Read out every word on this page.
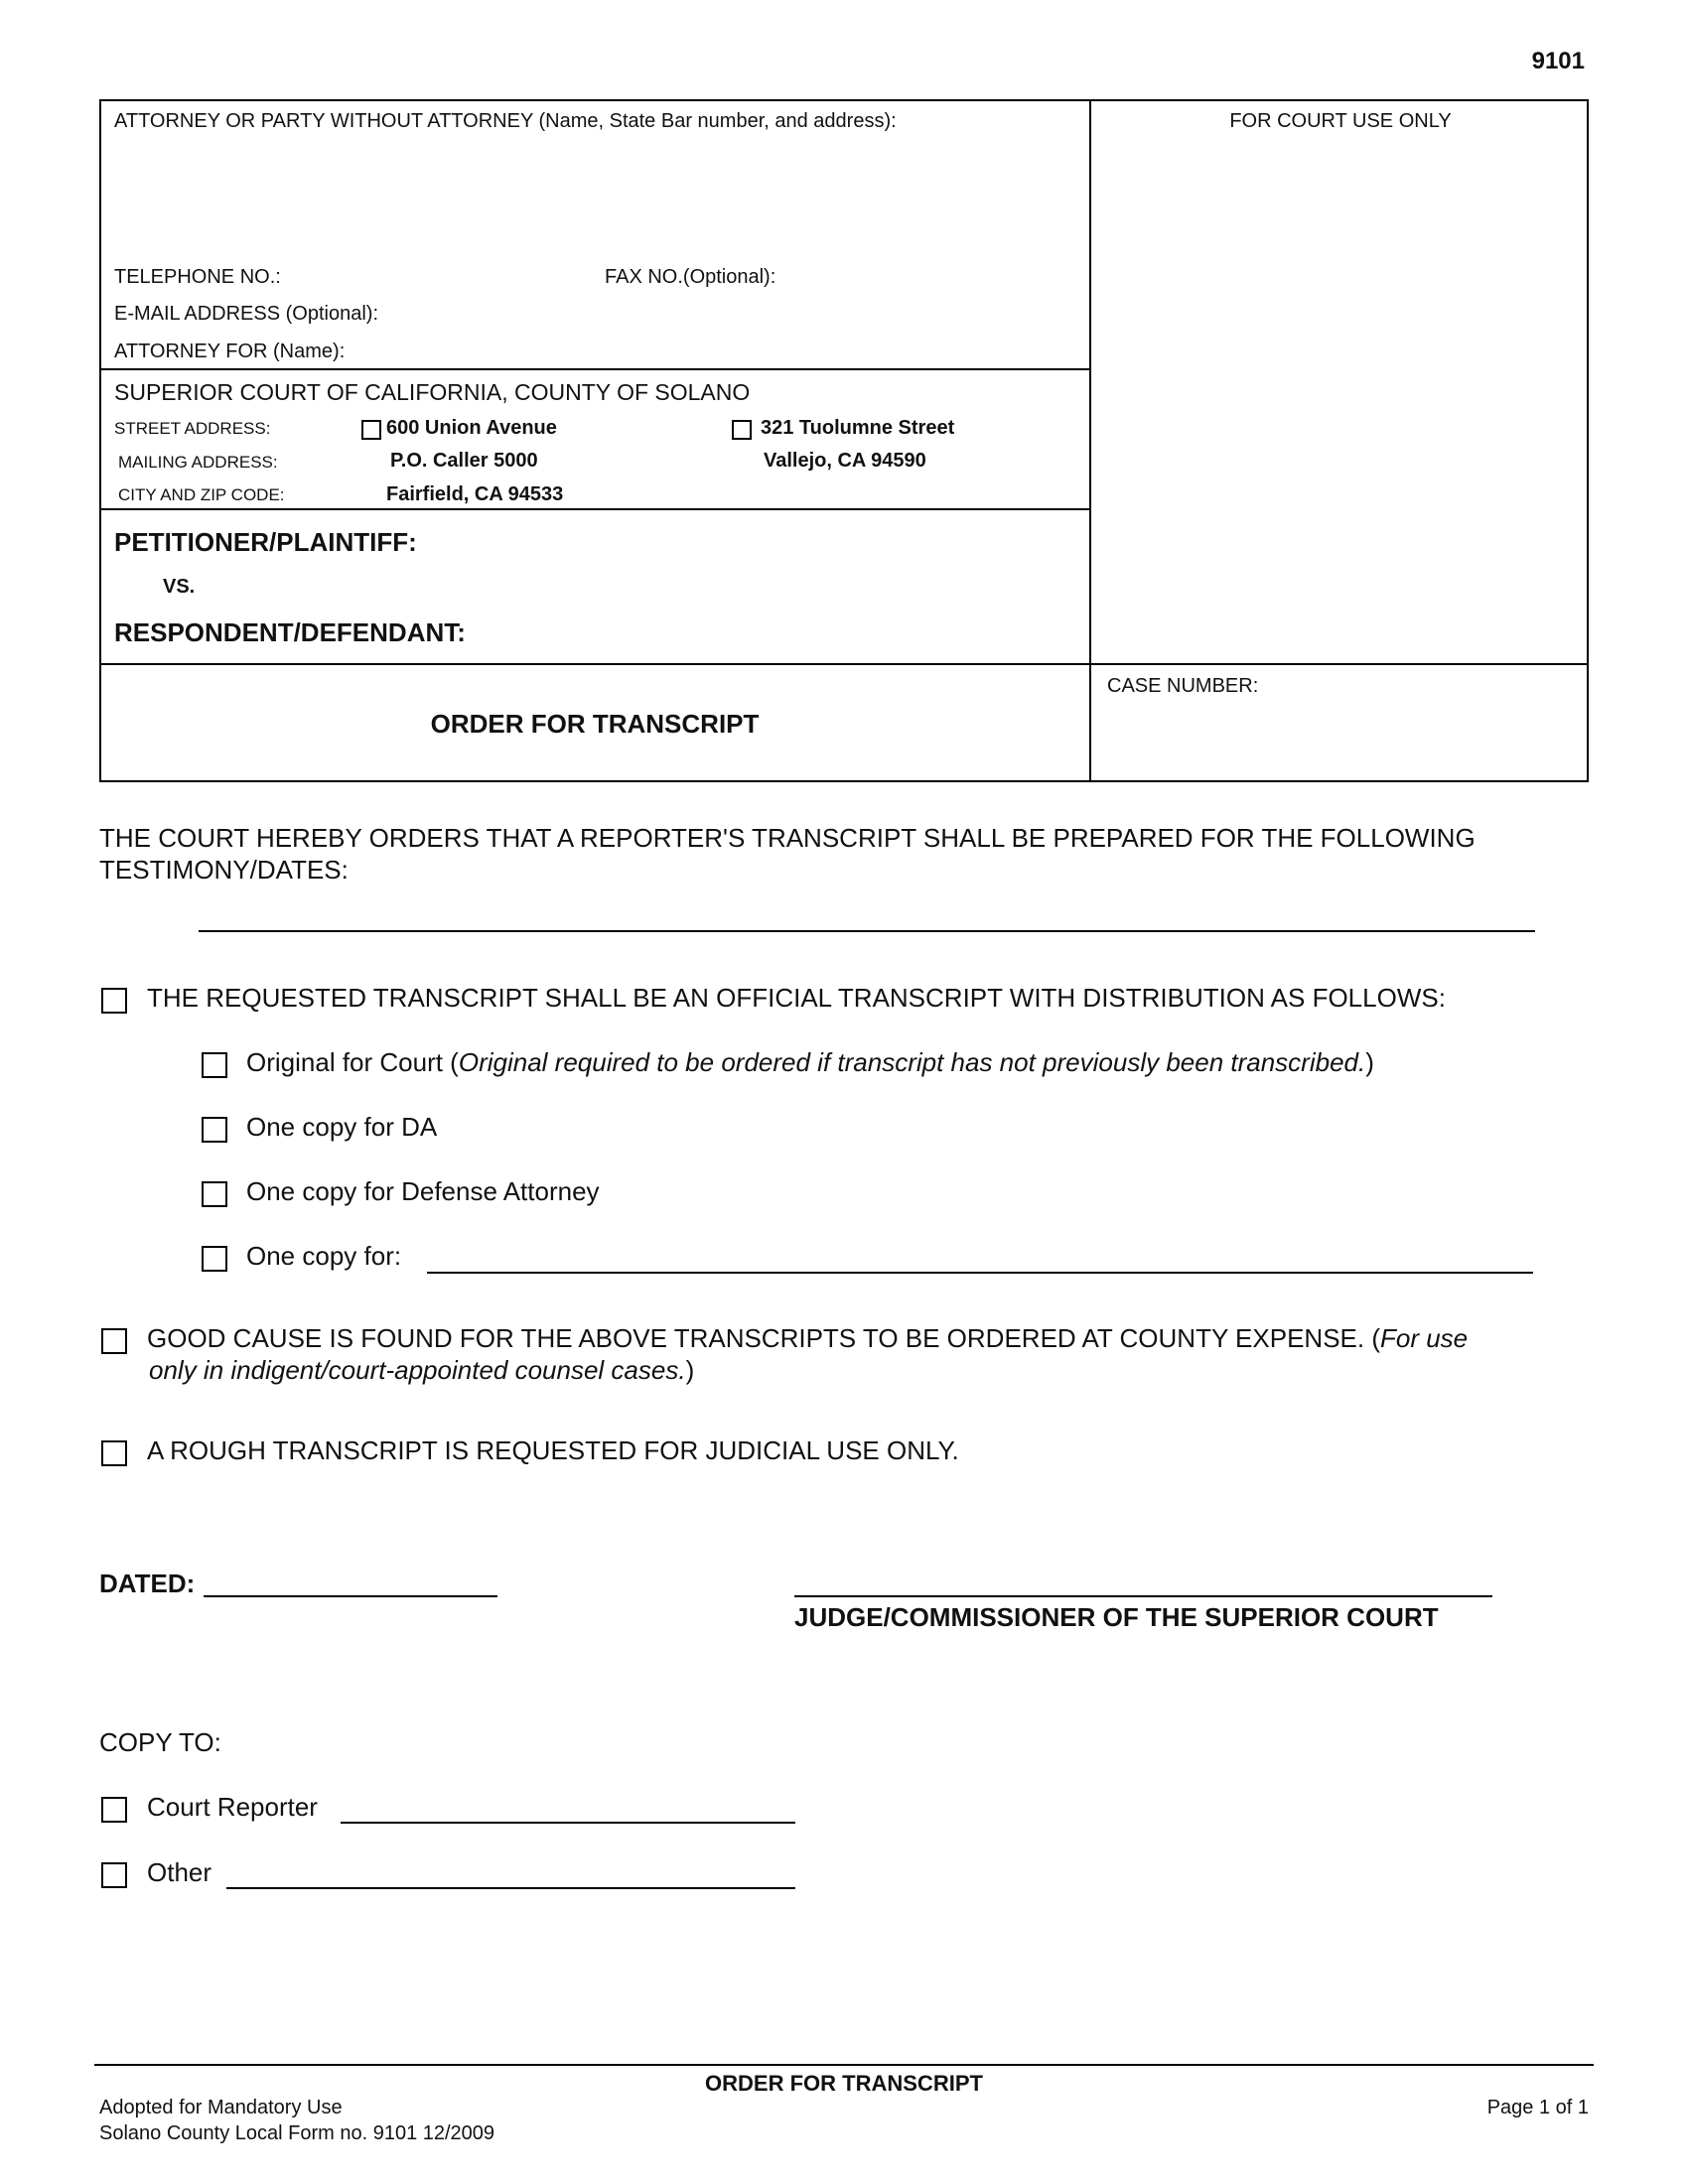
9101
ATTORNEY OR PARTY WITHOUT ATTORNEY (Name, State Bar number, and address):	FOR COURT USE ONLY
TELEPHONE NO.:	FAX NO.(Optional):
E-MAIL ADDRESS (Optional):
ATTORNEY FOR (Name):
SUPERIOR COURT OF CALIFORNIA, COUNTY OF SOLANO
STREET ADDRESS:
MAILING ADDRESS:
CITY AND ZIP CODE:
600 Union Avenue
P.O. Caller 5000
Fairfield, CA 94533
321 Tuolumne Street
Vallejo, CA 94590
PETITIONER/PLAINTIFF:
VS.
RESPONDENT/DEFENDANT:
ORDER FOR TRANSCRIPT
CASE NUMBER:
THE COURT HEREBY ORDERS THAT A REPORTER'S TRANSCRIPT SHALL BE PREPARED FOR THE FOLLOWING TESTIMONY/DATES:
THE REQUESTED TRANSCRIPT SHALL BE AN OFFICIAL TRANSCRIPT WITH DISTRIBUTION AS FOLLOWS:
Original for Court (Original required to be ordered if transcript has not previously been transcribed.)
One copy for DA
One copy for Defense Attorney
One copy for:
GOOD CAUSE IS FOUND FOR THE ABOVE TRANSCRIPTS TO BE ORDERED AT COUNTY EXPENSE. (For use
only in indigent/court-appointed counsel cases.)
A ROUGH TRANSCRIPT IS REQUESTED FOR JUDICIAL USE ONLY.
DATED:
JUDGE/COMMISSIONER OF THE SUPERIOR COURT
COPY TO:
Court Reporter
Other
ORDER FOR TRANSCRIPT
Adopted for Mandatory Use
Solano County Local Form no. 9101 12/2009
Page 1 of 1
